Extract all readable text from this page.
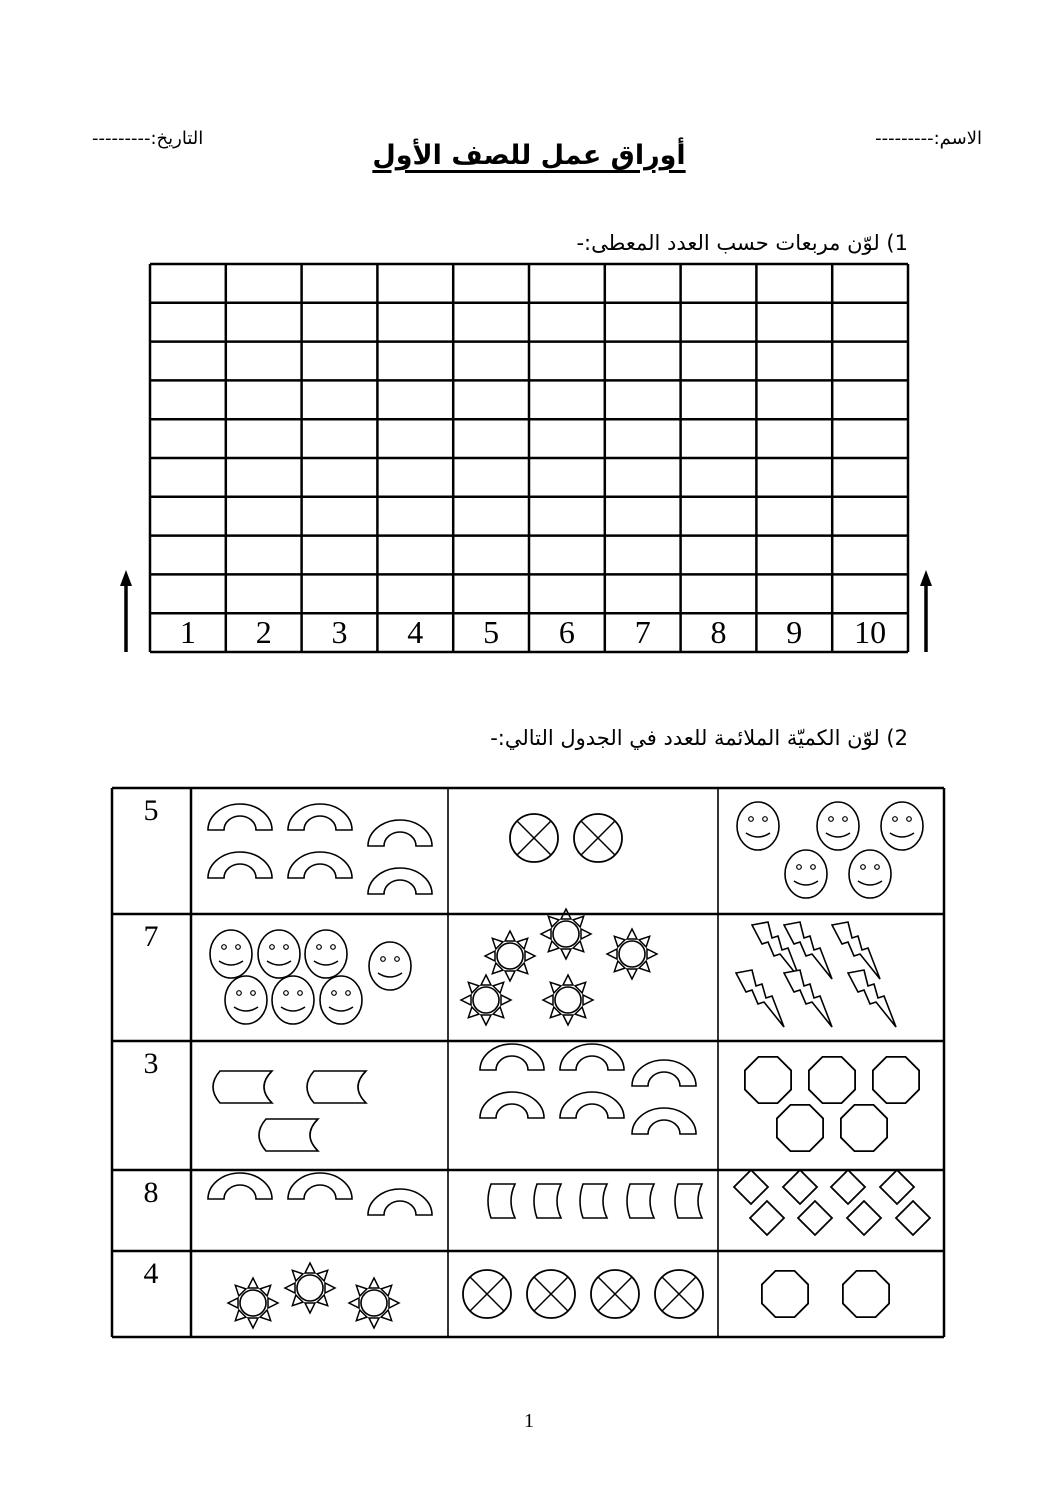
الاسم:---------
التاريخ:---------
أوراق عمل للصف الأول
1) لوّن مربعات حسب العدد المعطى:-
2) لوّن الكميّة الملائمة للعدد في الجدول التالي:-
1 2 3 4 5 6 7 8 9 10
5
7
3
8
4
1
